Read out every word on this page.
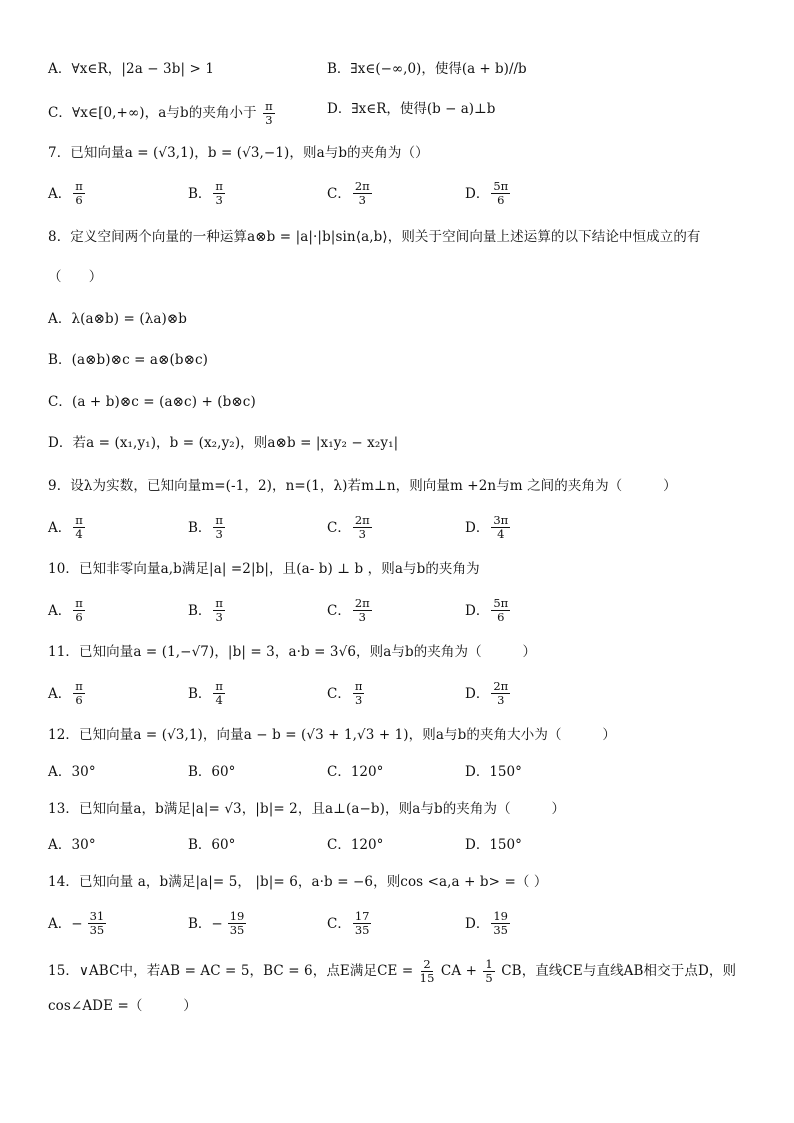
A．∀x∈R，|2a − 3b| > 1	B．∃x∈(−∞,0)，使得(a + b)//b
C．∀x∈[0,+∞)，a与b的夹角小于 $\frac{\pi}{3}$	D．∃x∈R，使得(b − a)⊥b
7．已知向量a = (√3,1)，b = (√3,−1)，则a与b的夹角为（）
A． $\frac{\pi}{6}$	B． $\frac{\pi}{3}$	C． $\frac{2\pi}{3}$	D． $\frac{5\pi}{6}$
8．定义空间两个向量的一种运算a⊗b = |a|·|b|sin⟨a,b⟩，则关于空间向量上述运算的以下结论中恒成立的有
（　　）
A．λ(a⊗b) = (λa)⊗b
B．(a⊗b)⊗c = a⊗(b⊗c)
C．(a + b)⊗c = (a⊗c) + (b⊗c)
D．若a = (x₁,y₁)，b = (x₂,y₂)，则a⊗b = |x₁y₂ − x₂y₁|
9．设λ为实数，已知向量m=(-1，2)，n=(1，λ)若m⊥n，则向量m +2n与m 之间的夹角为（　　　）
A． $\frac{\pi}{4}$	B． $\frac{\pi}{3}$	C． $\frac{2\pi}{3}$	D． $\frac{3\pi}{4}$
10．已知非零向量a,b满足|a| =2|b|，且(a- b) ⊥ b ，则a与b的夹角为
A． $\frac{\pi}{6}$	B． $\frac{\pi}{3}$	C． $\frac{2\pi}{3}$	D． $\frac{5\pi}{6}$
11．已知向量a = (1,−√7)，|b| = 3，a·b = 3√6，则a与b的夹角为（　　　）
A． $\frac{\pi}{6}$	B． $\frac{\pi}{4}$	C． $\frac{\pi}{3}$	D． $\frac{2\pi}{3}$
12．已知向量a = (√3,1)，向量a − b = (√3 + 1,√3 + 1)，则a与b的夹角大小为（　　　）
A．30°	B．60°	C．120°	D．150°
13．已知向量a，b满足|a|= √3，|b|= 2，且a⊥(a−b)，则a与b的夹角为（　　　）
A．30°	B．60°	C．120°	D．150°
14．已知向量 a，b满足|a|= 5， |b|= 6，a·b = −6，则cos <a,a + b> =（ ）
A． − $\frac{31}{35}$	B． − $\frac{19}{35}$	C． $\frac{17}{35}$	D． $\frac{19}{35}$
15．∨ABC中，若AB = AC = 5，BC = 6，点E满足CE = $\frac{2}{15}$ CA + $\frac{1}{5}$ CB，直线CE与直线AB相交于点D，则
cos∠ADE =（　　　）
